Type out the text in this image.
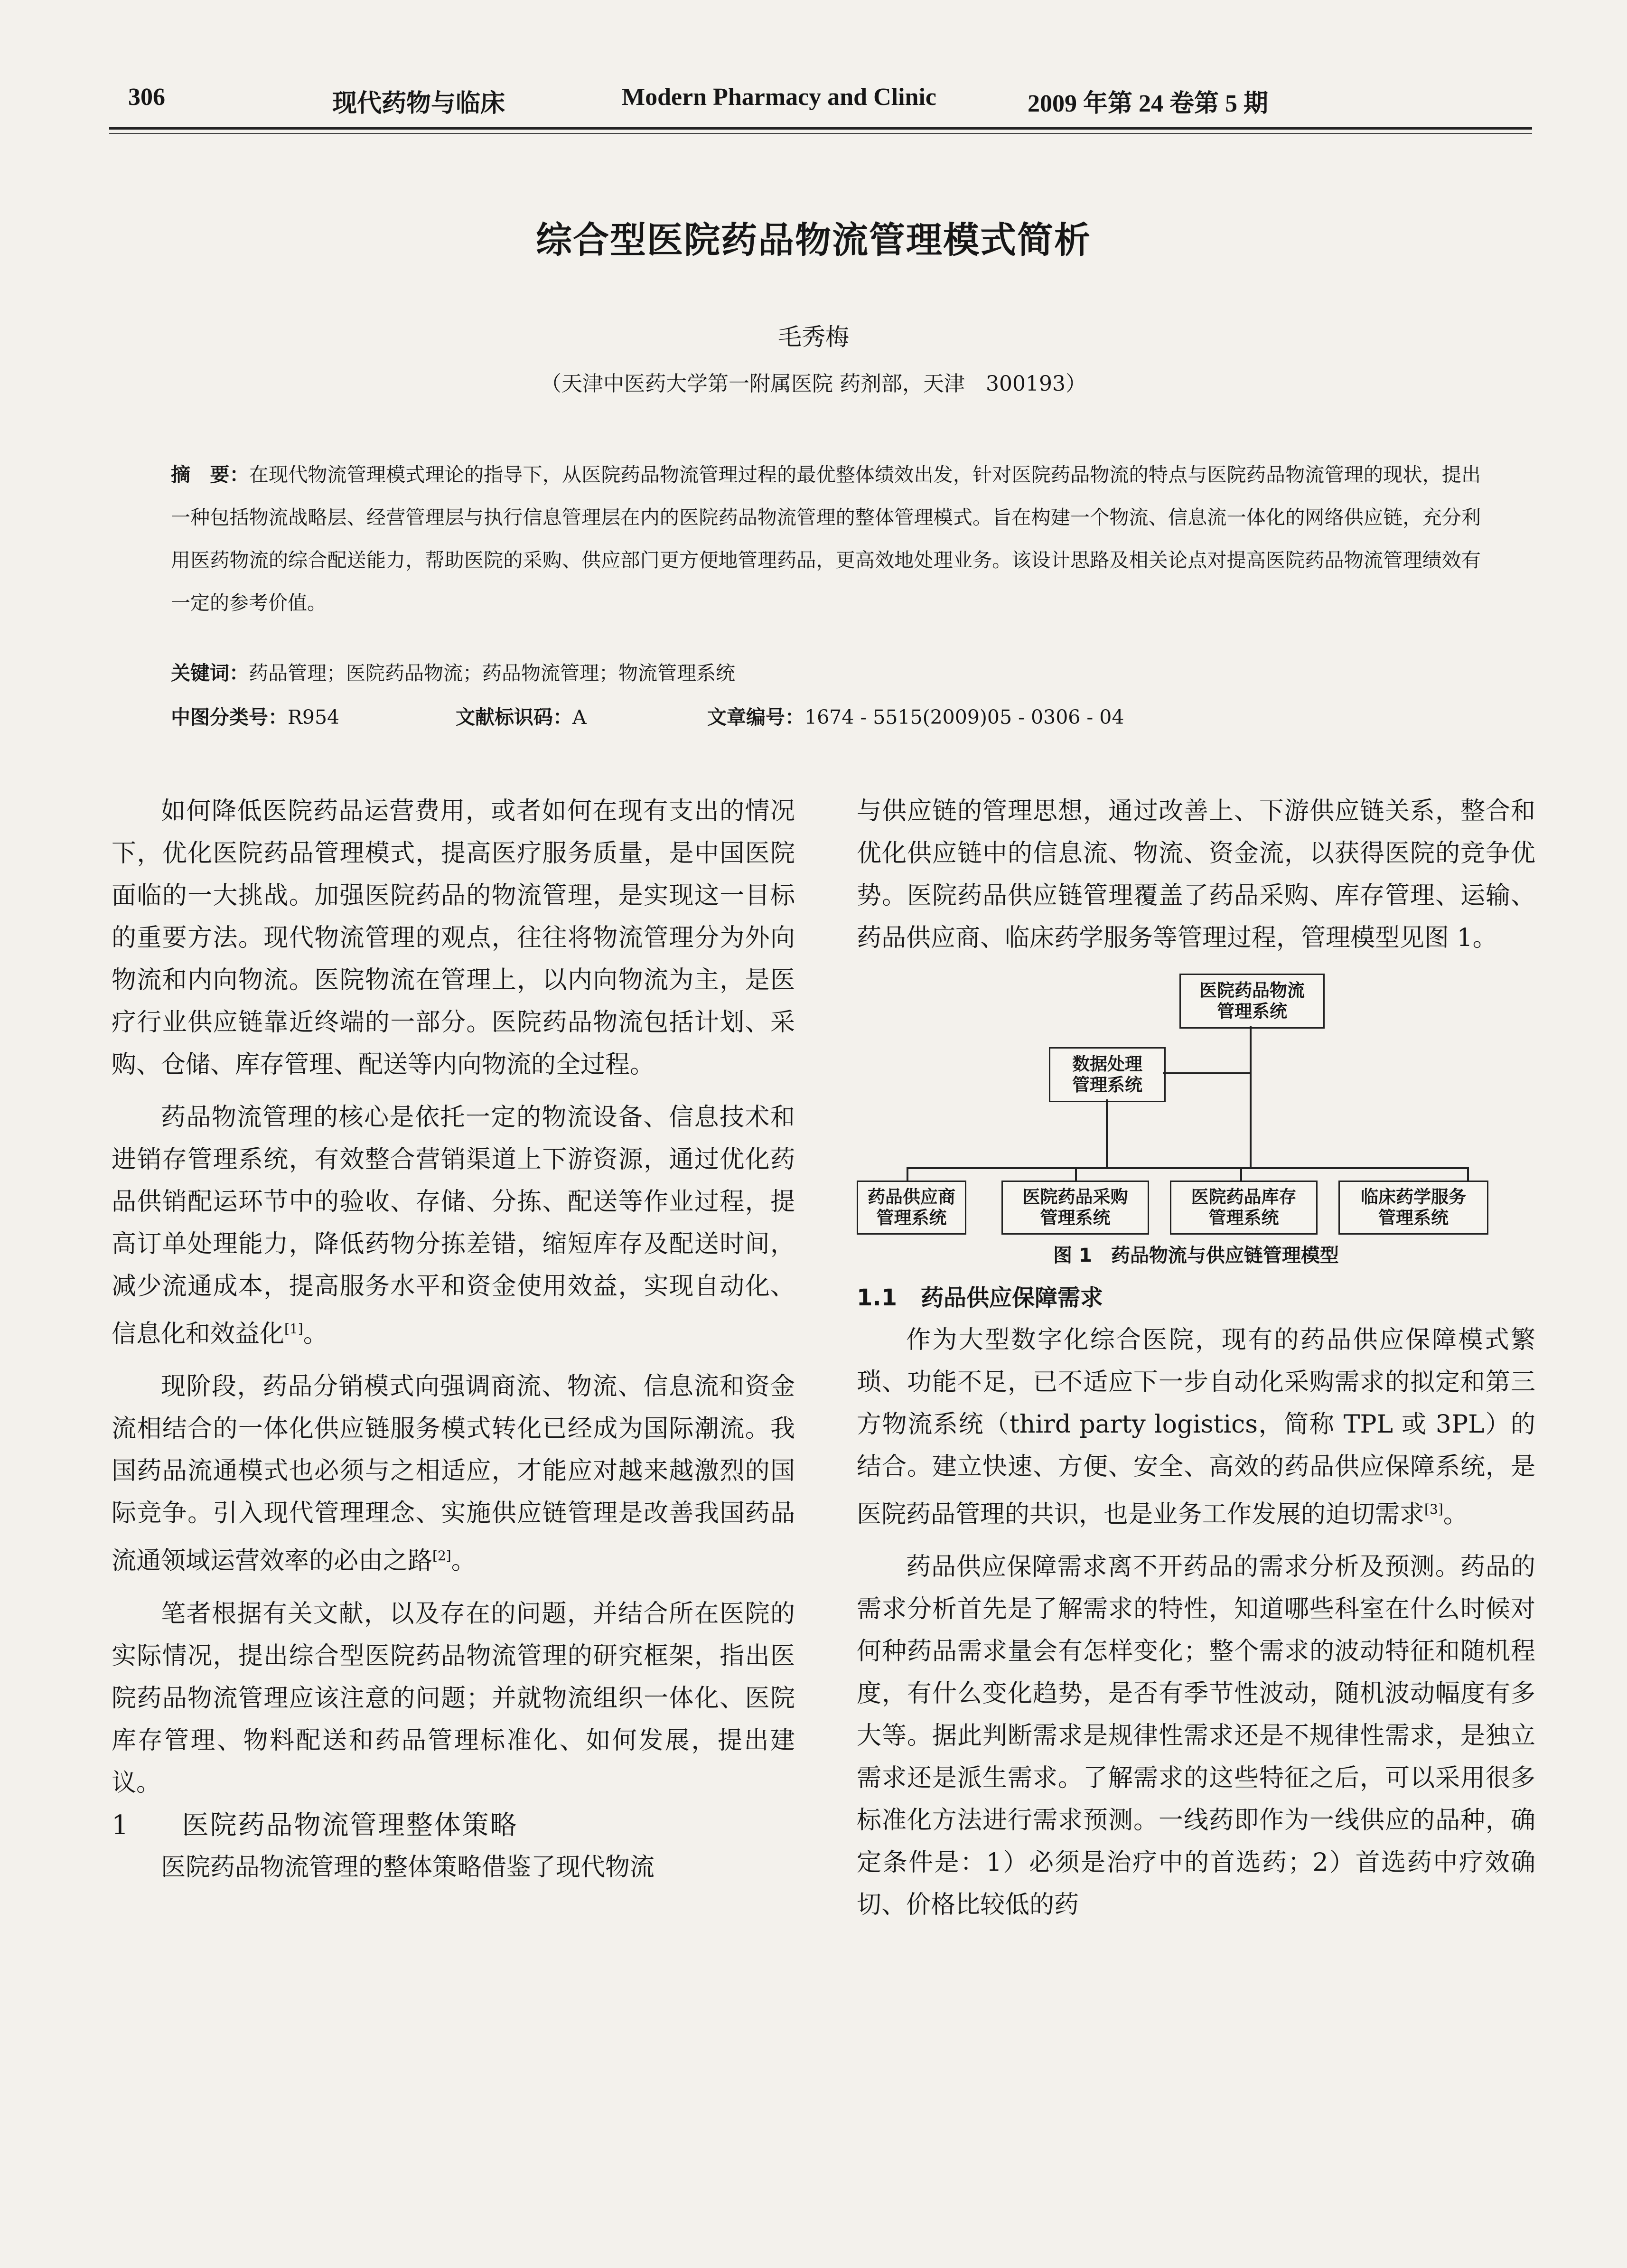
306	现代药物与临床	Modern Pharmacy and Clinic	2009 年第 24 卷第 5 期
综合型医院药品物流管理模式简析
毛秀梅
（天津中医药大学第一附属医院 药剂部，天津　300193）
摘　要：在现代物流管理模式理论的指导下，从医院药品物流管理过程的最优整体绩效出发，针对医院药品物流的特点与医院药品物流管理的现状，提出一种包括物流战略层、经营管理层与执行信息管理层在内的医院药品物流管理的整体管理模式。旨在构建一个物流、信息流一体化的网络供应链，充分利用医药物流的综合配送能力，帮助医院的采购、供应部门更方便地管理药品，更高效地处理业务。该设计思路及相关论点对提高医院药品物流管理绩效有一定的参考价值。
关键词：药品管理；医院药品物流；药品物流管理；物流管理系统
中图分类号：R954	文献标识码：A	文章编号：1674 - 5515(2009)05 - 0306 - 04

如何降低医院药品运营费用，或者如何在现有支出的情况下，优化医院药品管理模式，提高医疗服务质量，是中国医院面临的一大挑战。加强医院药品的物流管理，是实现这一目标的重要方法。现代物流管理的观点，往往将物流管理分为外向物流和内向物流。医院物流在管理上，以内向物流为主，是医疗行业供应链靠近终端的一部分。医院药品物流包括计划、采购、仓储、库存管理、配送等内向物流的全过程。

药品物流管理的核心是依托一定的物流设备、信息技术和进销存管理系统，有效整合营销渠道上下游资源，通过优化药品供销配运环节中的验收、存储、分拣、配送等作业过程，提高订单处理能力，降低药物分拣差错，缩短库存及配送时间，减少流通成本，提高服务水平和资金使用效益，实现自动化、信息化和效益化[1]。

现阶段，药品分销模式向强调商流、物流、信息流和资金流相结合的一体化供应链服务模式转化已经成为国际潮流。我国药品流通模式也必须与之相适应，才能应对越来越激烈的国际竞争。引入现代管理理念、实施供应链管理是改善我国药品流通领域运营效率的必由之路[2]。

笔者根据有关文献，以及存在的问题，并结合所在医院的实际情况，提出综合型医院药品物流管理的研究框架，指出医院药品物流管理应该注意的问题；并就物流组织一体化、医院库存管理、物料配送和药品管理标准化、如何发展，提出建议。

1 医院药品物流管理整体策略

医院药品物流管理的整体策略借鉴了现代物流

与供应链的管理思想，通过改善上、下游供应链关系，整合和优化供应链中的信息流、物流、资金流，以获得医院的竞争优势。医院药品供应链管理覆盖了药品采购、库存管理、运输、药品供应商、临床药学服务等管理过程，管理模型见图 1。

医院药品物流
管理系统
数据处理
管理系统
药品供应商
管理系统
医院药品采购
管理系统
医院药品库存
管理系统
临床药学服务
管理系统

图 1　药品物流与供应链管理模型

1.1 药品供应保障需求

作为大型数字化综合医院，现有的药品供应保障模式繁琐、功能不足，已不适应下一步自动化采购需求的拟定和第三方物流系统（third party logistics，简称 TPL 或 3PL）的结合。建立快速、方便、安全、高效的药品供应保障系统，是医院药品管理的共识，也是业务工作发展的迫切需求[3]。

药品供应保障需求离不开药品的需求分析及预测。药品的需求分析首先是了解需求的特性，知道哪些科室在什么时候对何种药品需求量会有怎样变化；整个需求的波动特征和随机程度，有什么变化趋势，是否有季节性波动，随机波动幅度有多大等。据此判断需求是规律性需求还是不规律性需求，是独立需求还是派生需求。了解需求的这些特征之后，可以采用很多标准化方法进行需求预测。一线药即作为一线供应的品种，确定条件是：1）必须是治疗中的首选药；2）首选药中疗效确切、价格比较低的药
